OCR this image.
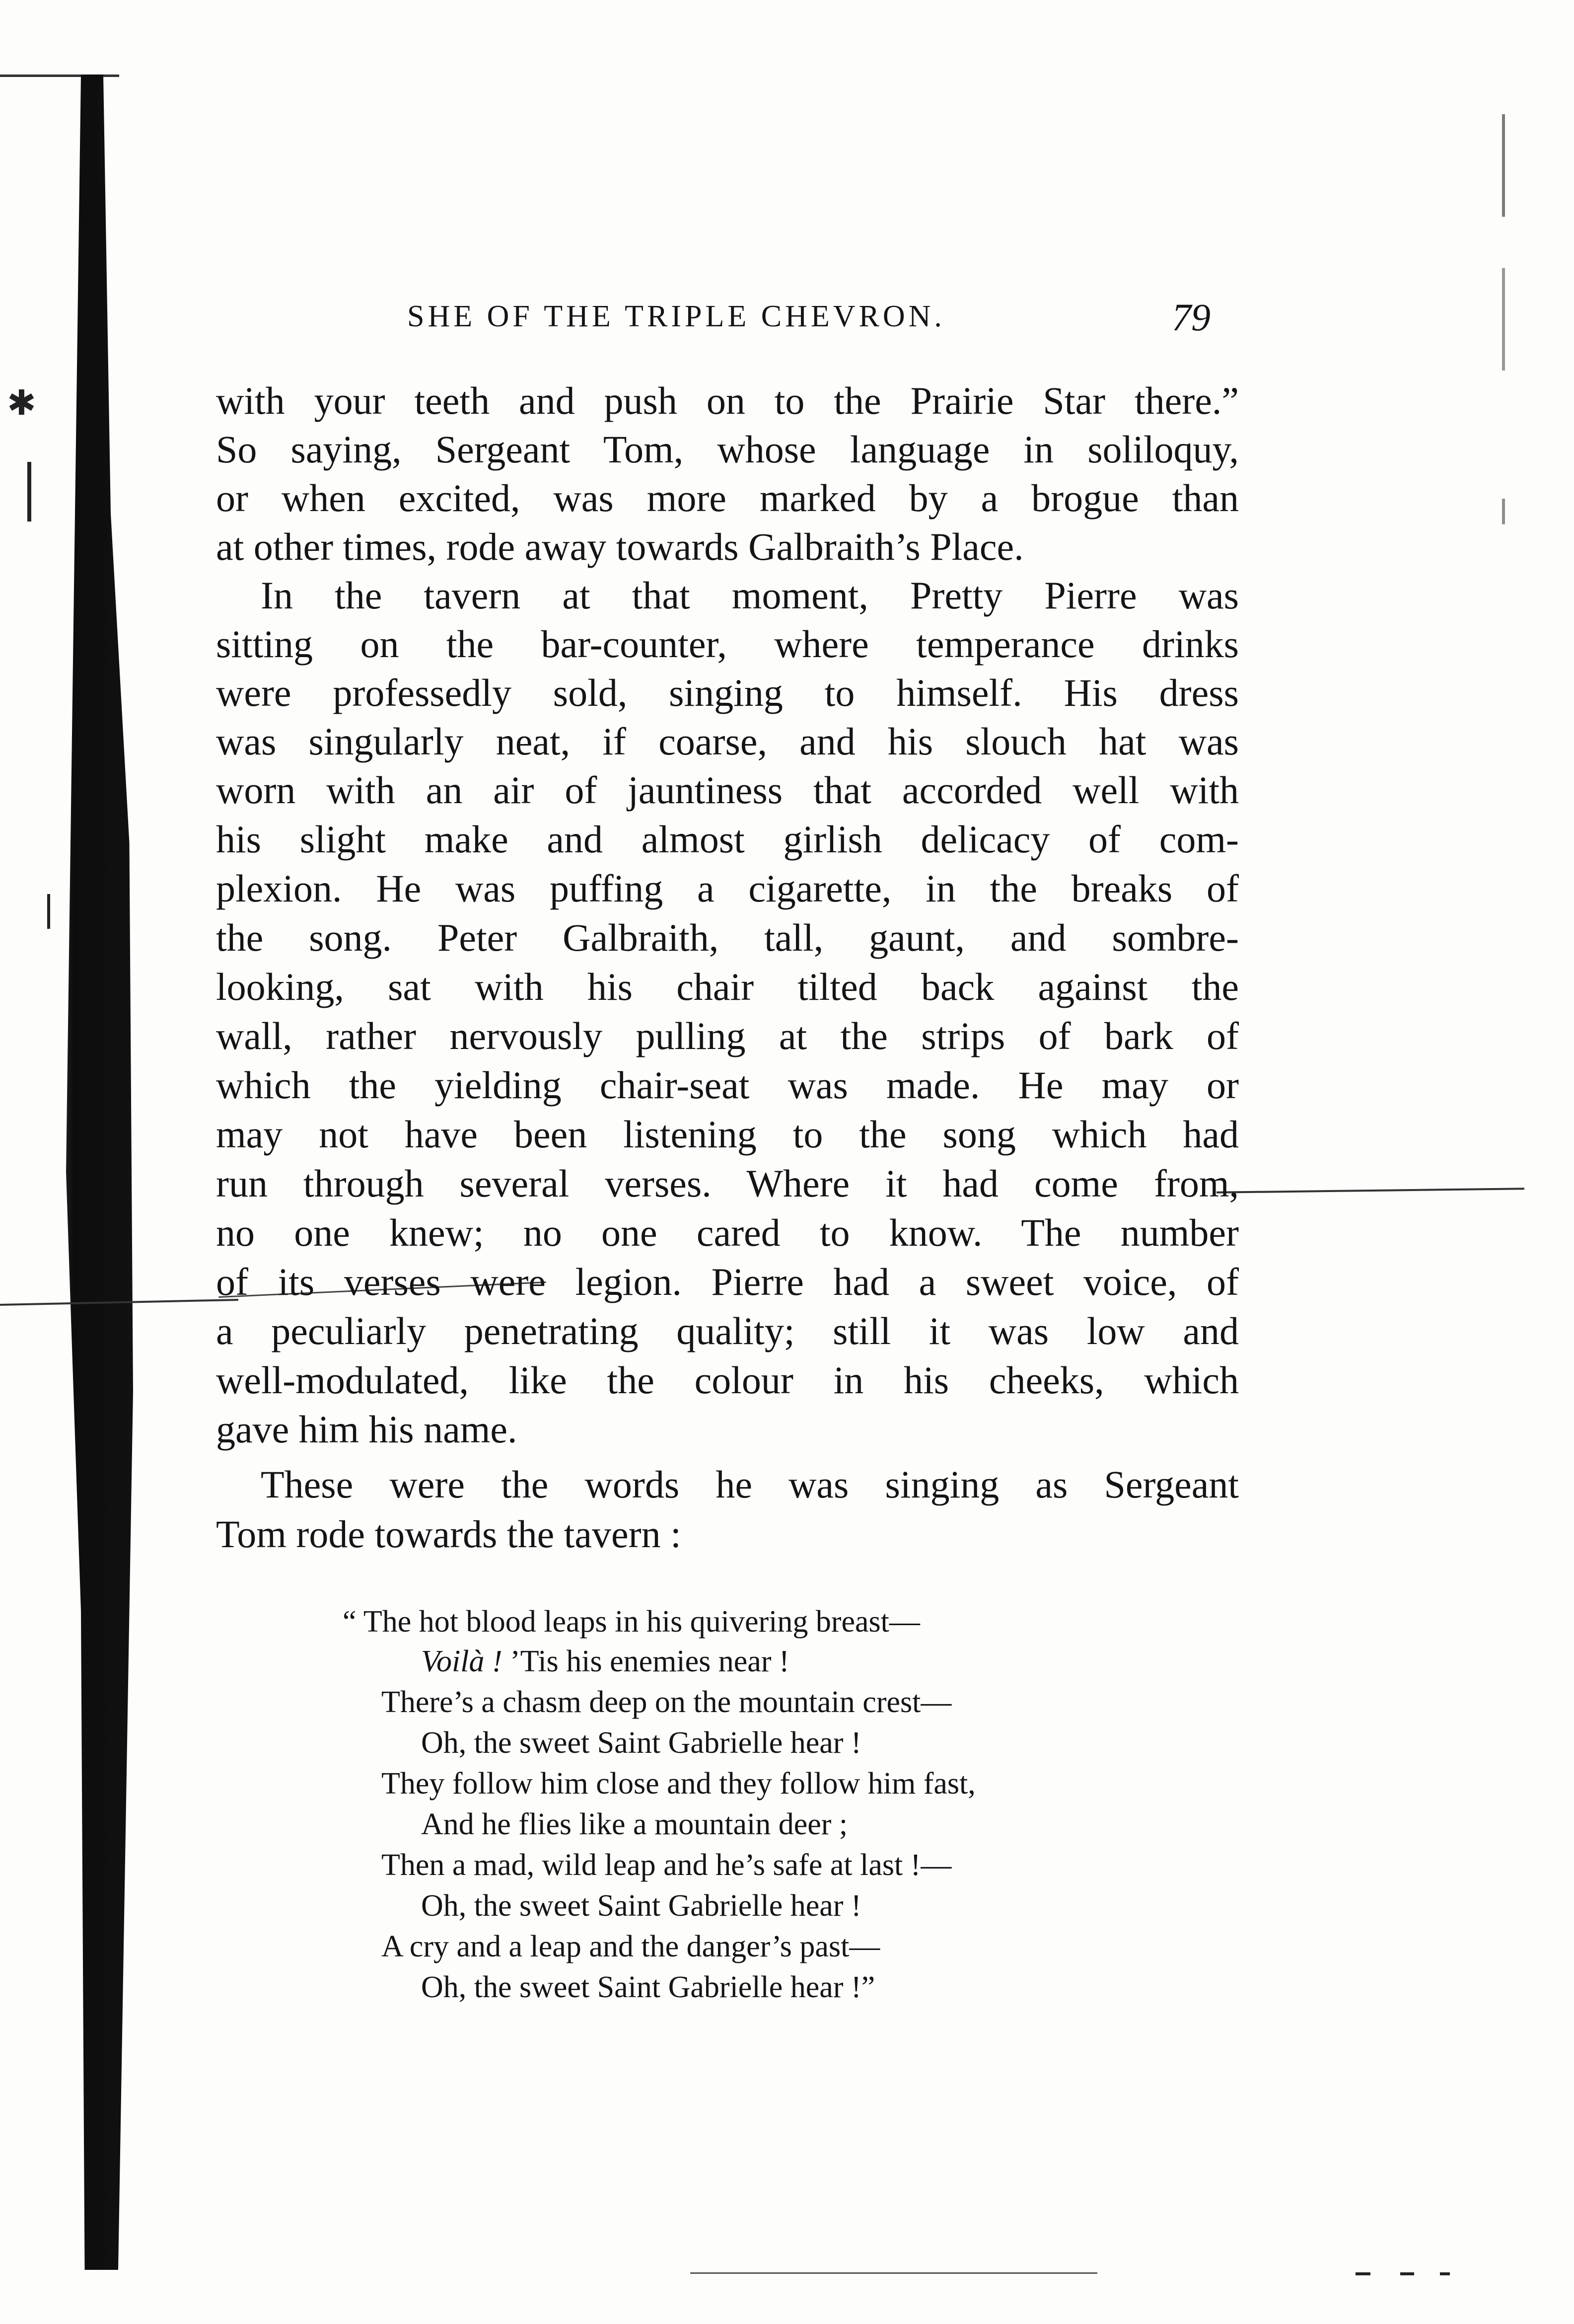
✱
SHE OF THE TRIPLE CHEVRON.	79
with your teeth and push on to the Prairie Star there.”
So saying, Sergeant Tom, whose language in soliloquy,
or when excited, was more marked by a brogue than
at other times, rode away towards Galbraith’s Place.
In the tavern at that moment, Pretty Pierre was
sitting on the bar-counter, where temperance drinks
were professedly sold, singing to himself. His dress
was singularly neat, if coarse, and his slouch hat was
worn with an air of jauntiness that accorded well with
his slight make and almost girlish delicacy of com-
plexion. He was puffing a cigarette, in the breaks of
the song. Peter Galbraith, tall, gaunt, and sombre-
looking, sat with his chair tilted back against the
wall, rather nervously pulling at the strips of bark of
which the yielding chair-seat was made. He may or
may not have been listening to the song which had
run through several verses. Where it had come from,
no one knew; no one cared to know. The number
of its verses were legion. Pierre had a sweet voice, of
a peculiarly penetrating quality; still it was low and
well-modulated, like the colour in his cheeks, which
gave him his name.
These were the words he was singing as Sergeant
Tom rode towards the tavern :
“ The hot blood leaps in his quivering breast—
Voilà ! ’Tis his enemies near !
There’s a chasm deep on the mountain crest—
Oh, the sweet Saint Gabrielle hear !
They follow him close and they follow him fast,
And he flies like a mountain deer ;
Then a mad, wild leap and he’s safe at last !—
Oh, the sweet Saint Gabrielle hear !
A cry and a leap and the danger’s past—
Oh, the sweet Saint Gabrielle hear !”
